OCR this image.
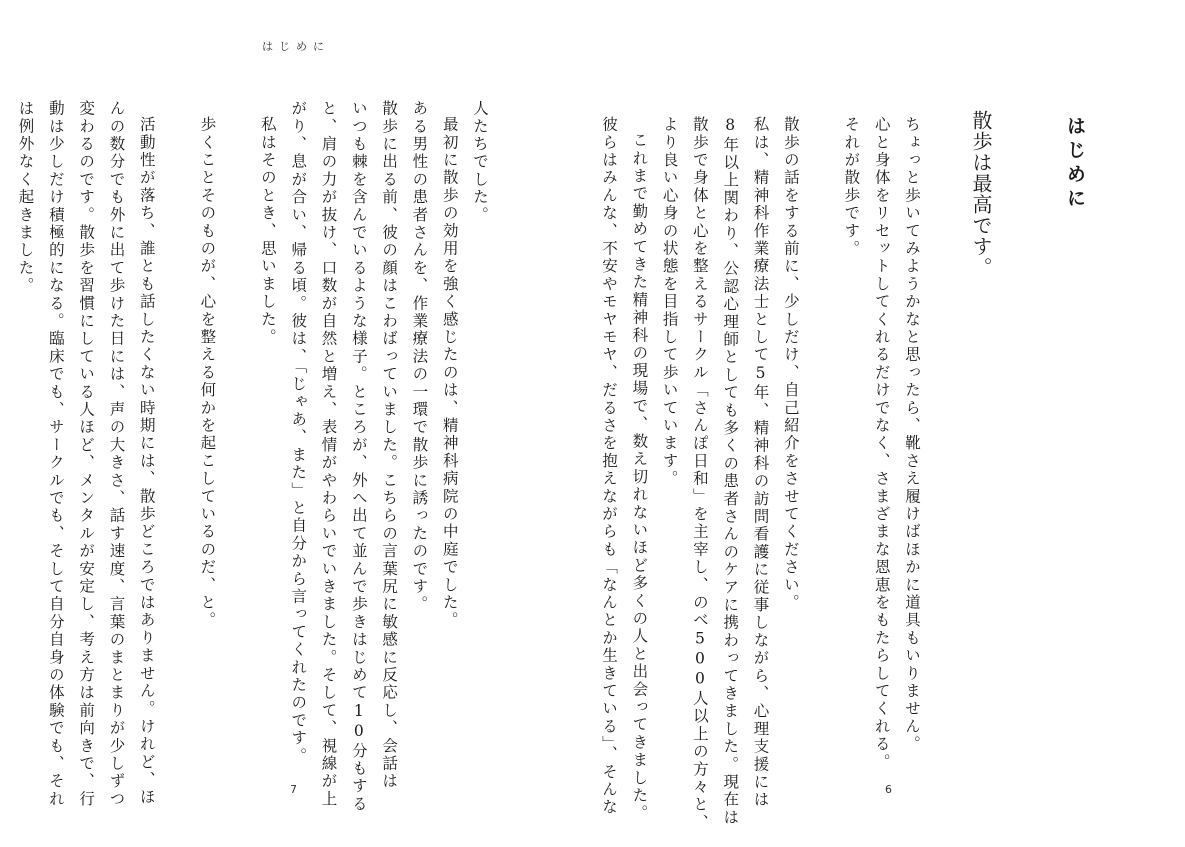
はじめに
散歩は最高です。
ちょっと歩いてみようかなと思ったら、靴さえ履けばほかに道具もいりません。
心と身体をリセットしてくれるだけでなく、さまざまな恩恵をもたらしてくれる。
それが散歩です。

散歩の話をする前に、少しだけ、自己紹介をさせてください。
私は、精神科作業療法士として5年、精神科の訪問看護に従事しながら、心理支援には
8年以上関わり、公認心理師としても多くの患者さんのケアに携わってきました。現在は
散歩で身体と心を整えるサークル「さんぽ日和」を主宰し、のべ500人以上の方々と、
より良い心身の状態を目指して歩いています。
これまで勤めてきた精神科の現場で、数え切れないほど多くの人と出会ってきました。
彼らはみんな、不安やモヤモヤ、だるさを抱えながらも「なんとか生きている」、そんな	6
はじめに
人たちでした。
最初に散歩の効用を強く感じたのは、精神科病院の中庭でした。
ある男性の患者さんを、作業療法の一環で散歩に誘ったのです。
散歩に出る前、彼の顔はこわばっていました。こちらの言葉尻に敏感に反応し、会話は
いつも棘を含んでいるような様子。ところが、外へ出て並んで歩きはじめて10分もする
と、肩の力が抜け、口数が自然と増え、表情がやわらいでいきました。そして、視線が上
がり、息が合い、帰る頃。彼は、「じゃあ、また」と自分から言ってくれたのです。
私はそのとき、思いました。

歩くことそのものが、心を整える何かを起こしているのだ、と。

活動性が落ち、誰とも話したくない時期には、散歩どころではありません。けれど、ほ
んの数分でも外に出て歩けた日には、声の大きさ、話す速度、言葉のまとまりが少しずつ
変わるのです。散歩を習慣にしている人ほど、メンタルが安定し、考え方は前向きで、行
動は少しだけ積極的になる。臨床でも、サークルでも、そして自分自身の体験でも、それ
は例外なく起きました。
7
